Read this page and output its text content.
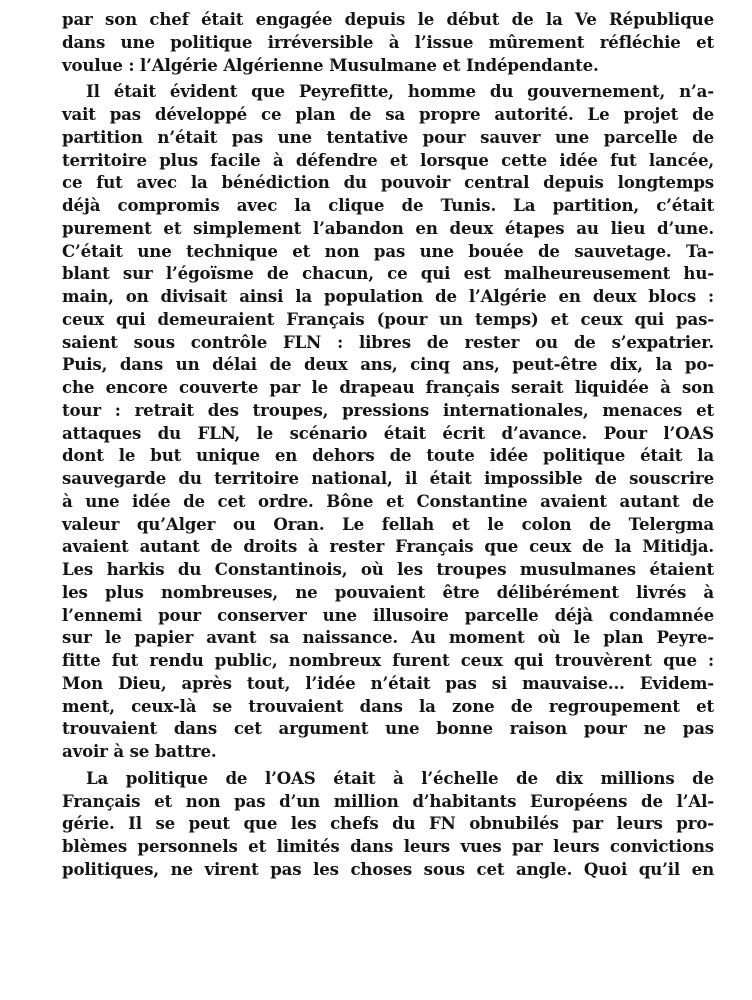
par son chef était engagée depuis le début de la Ve République
dans une politique irréversible à l’issue mûrement réfléchie et
voulue : l’Algérie Algérienne Musulmane et Indépendante.
Il était évident que Peyrefitte, homme du gouvernement, n’a-
vait pas développé ce plan de sa propre autorité. Le projet de
partition n’était pas une tentative pour sauver une parcelle de
territoire plus facile à défendre et lorsque cette idée fut lancée,
ce fut avec la bénédiction du pouvoir central depuis longtemps
déjà compromis avec la clique de Tunis. La partition, c’était
purement et simplement l’abandon en deux étapes au lieu d’une.
C’était une technique et non pas une bouée de sauvetage. Ta-
blant sur l’égoïsme de chacun, ce qui est malheureusement hu-
main, on divisait ainsi la population de l’Algérie en deux blocs :
ceux qui demeuraient Français (pour un temps) et ceux qui pas-
saient sous contrôle FLN : libres de rester ou de s’expatrier.
Puis, dans un délai de deux ans, cinq ans, peut-être dix, la po-
che encore couverte par le drapeau français serait liquidée à son
tour : retrait des troupes, pressions internationales, menaces et
attaques du FLN, le scénario était écrit d’avance. Pour l’OAS
dont le but unique en dehors de toute idée politique était la
sauvegarde du territoire national, il était impossible de souscrire
à une idée de cet ordre. Bône et Constantine avaient autant de
valeur qu’Alger ou Oran. Le fellah et le colon de Telergma
avaient autant de droits à rester Français que ceux de la Mitidja.
Les harkis du Constantinois, où les troupes musulmanes étaient
les plus nombreuses, ne pouvaient être délibérément livrés à
l’ennemi pour conserver une illusoire parcelle déjà condamnée
sur le papier avant sa naissance. Au moment où le plan Peyre-
fitte fut rendu public, nombreux furent ceux qui trouvèrent que :
Mon Dieu, après tout, l’idée n’était pas si mauvaise... Evidem-
ment, ceux-là se trouvaient dans la zone de regroupement et
trouvaient dans cet argument une bonne raison pour ne pas
avoir à se battre.
La politique de l’OAS était à l’échelle de dix millions de
Français et non pas d’un million d’habitants Européens de l’Al-
gérie. Il se peut que les chefs du FN obnubilés par leurs pro-
blèmes personnels et limités dans leurs vues par leurs convictions
politiques, ne virent pas les choses sous cet angle. Quoi qu’il en
